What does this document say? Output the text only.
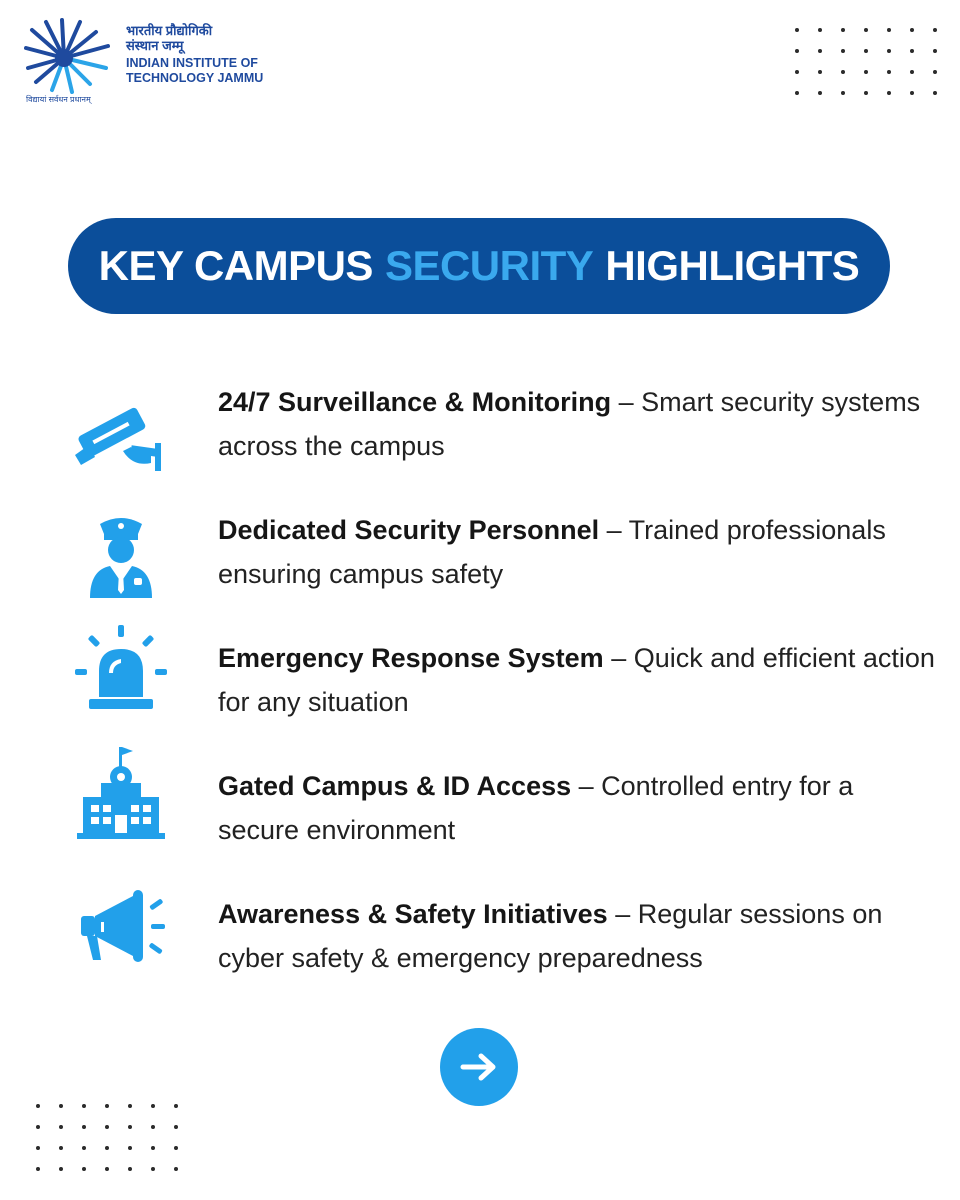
भारतीय प्रौद्योगिकी
संस्थान जम्मू
INDIAN INSTITUTE OF
TECHNOLOGY JAMMU
विद्यायां सर्वधन प्रधानम्
KEY CAMPUS SECURITY HIGHLIGHTS
24/7 Surveillance & Monitoring – Smart security systems across the campus
Dedicated Security Personnel – Trained professionals ensuring campus safety
Emergency Response System – Quick and efficient action for any situation
Gated Campus & ID Access – Controlled entry for a secure environment
Awareness & Safety Initiatives – Regular sessions on cyber safety & emergency preparedness
